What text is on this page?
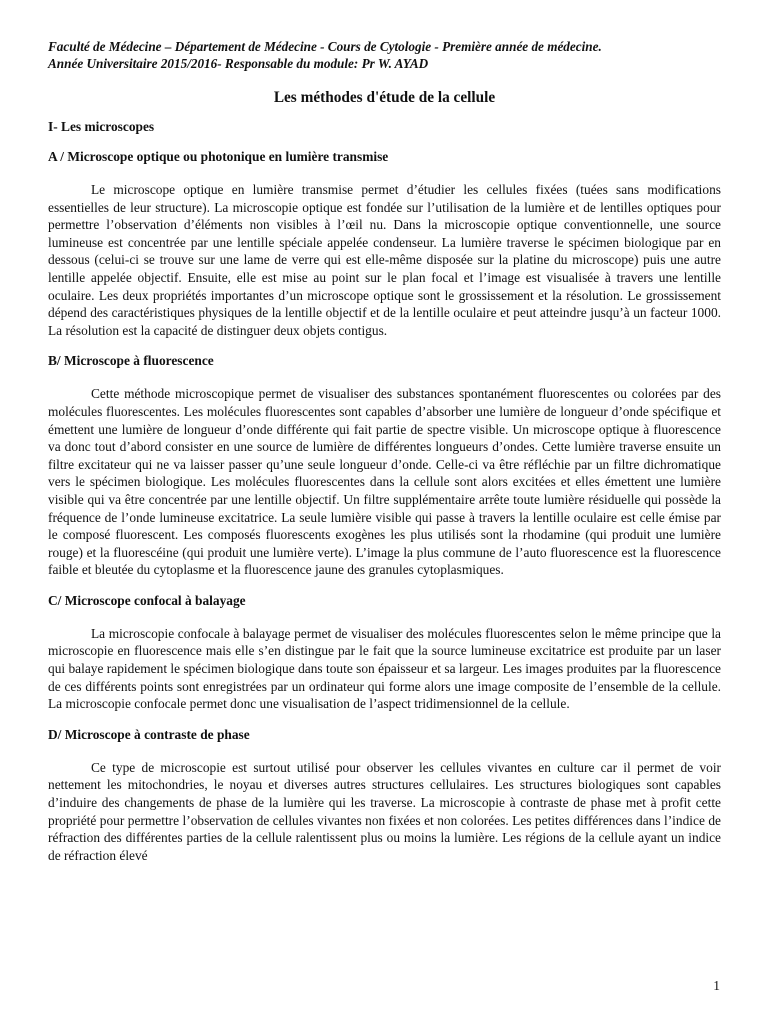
Faculté de Médecine – Département de Médecine - Cours de Cytologie - Première année de médecine.
Année Universitaire 2015/2016- Responsable du module: Pr W. AYAD
Les méthodes d'étude de la cellule
I- Les microscopes
A / Microscope optique ou photonique en lumière transmise
Le microscope optique en lumière transmise permet d’étudier les cellules fixées (tuées sans modifications essentielles de leur structure). La microscopie optique est fondée sur l’utilisation de la lumière et de lentilles optiques pour permettre l’observation d’éléments non visibles à l’œil nu. Dans la microscopie optique conventionnelle, une source lumineuse est concentrée par une lentille spéciale appelée condenseur. La lumière traverse le spécimen biologique par en dessous (celui-ci se trouve sur une lame de verre qui est elle-même disposée sur la platine du microscope) puis une autre lentille appelée objectif. Ensuite, elle est mise au point sur le plan focal et l’image est visualisée à travers une lentille oculaire. Les deux propriétés importantes d’un microscope optique sont le grossissement et la résolution. Le grossissement dépend des caractéristiques physiques de la lentille objectif et de la lentille oculaire et peut atteindre jusqu’à un facteur 1000. La résolution est la capacité de distinguer deux objets contigus.
B/ Microscope à fluorescence
Cette méthode microscopique permet de visualiser des substances spontanément fluorescentes ou colorées par des molécules fluorescentes. Les molécules fluorescentes sont capables d’absorber une lumière de longueur d’onde spécifique et émettent une lumière de longueur d’onde différente qui fait partie de spectre visible. Un microscope optique à fluorescence va donc tout d’abord consister en une source de lumière de différentes longueurs d’ondes. Cette lumière traverse ensuite un filtre excitateur qui ne va laisser passer qu’une seule longueur d’onde. Celle-ci va être réfléchie par un filtre dichromatique vers le spécimen biologique. Les molécules fluorescentes dans la cellule sont alors excitées et elles émettent une lumière visible qui va être concentrée par une lentille objectif. Un filtre supplémentaire arrête toute lumière résiduelle qui possède la fréquence de l’onde lumineuse excitatrice. La seule lumière visible qui passe à travers la lentille oculaire est celle émise par le composé fluorescent. Les composés fluorescents exogènes les plus utilisés sont la rhodamine (qui produit une lumière rouge) et la fluorescéine (qui produit une lumière verte). L’image la plus commune de l’auto fluorescence est la fluorescence faible et bleutée du cytoplasme et la fluorescence jaune des granules cytoplasmiques.
C/ Microscope confocal à balayage
La microscopie confocale à balayage permet de visualiser des molécules fluorescentes selon le même principe que la microscopie en fluorescence mais elle s’en distingue par le fait que la source lumineuse excitatrice est produite par un laser qui balaye rapidement le spécimen biologique dans toute son épaisseur et sa largeur. Les images produites par la fluorescence de ces différents points sont enregistrées par un ordinateur qui forme alors une image composite de l’ensemble de la cellule. La microscopie confocale permet donc une visualisation de l’aspect tridimensionnel de la cellule.
D/ Microscope à contraste de phase
Ce type de microscopie est surtout utilisé pour observer les cellules vivantes en culture car il permet de voir nettement les mitochondries, le noyau et diverses autres structures cellulaires. Les structures biologiques sont capables d’induire des changements de phase de la lumière qui les traverse. La microscopie à contraste de phase met à profit cette propriété pour permettre l’observation de cellules vivantes non fixées et non colorées. Les petites différences dans l’indice de réfraction des différentes parties de la cellule ralentissent plus ou moins la lumière. Les régions de la cellule ayant un indice de réfraction élevé
1
